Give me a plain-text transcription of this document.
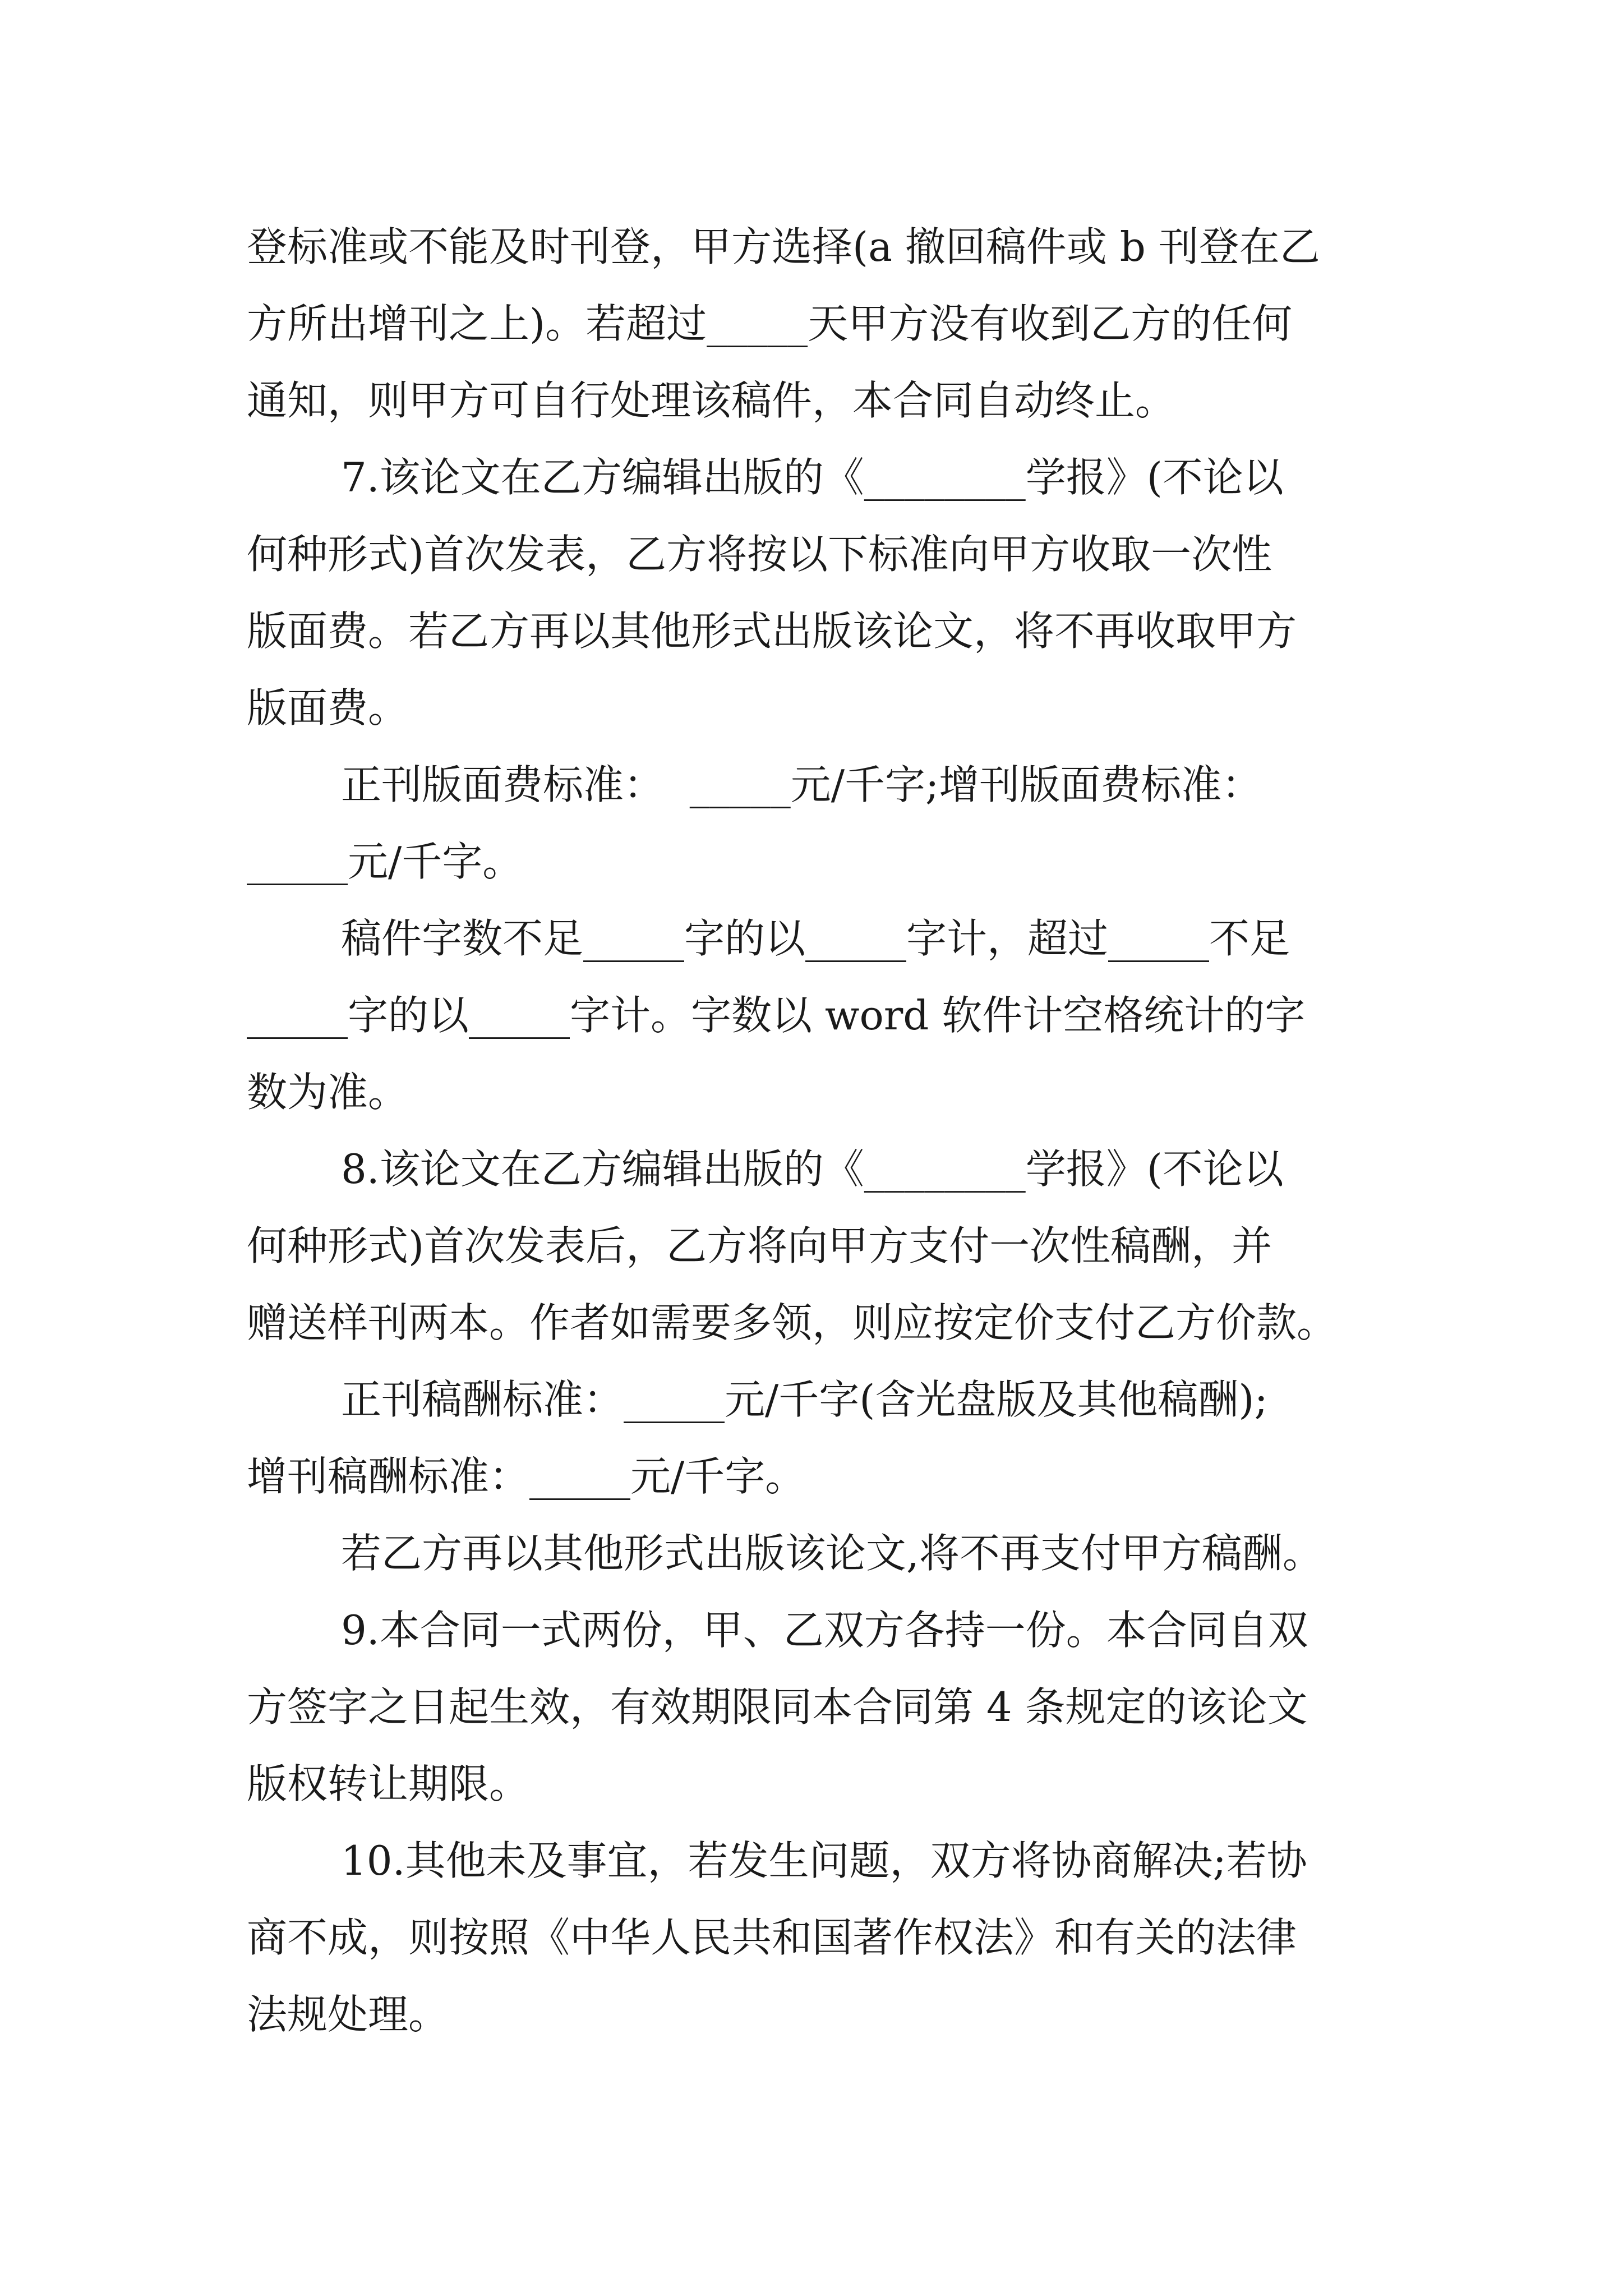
登标准或不能及时刊登，甲方选择(a 撤回稿件或 b 刊登在乙
方所出增刊之上)。若超过_____天甲方没有收到乙方的任何
通知，则甲方可自行处理该稿件，本合同自动终止。
7.该论文在乙方编辑出版的《________学报》(不论以
何种形式)首次发表，乙方将按以下标准向甲方收取一次性
版面费。若乙方再以其他形式出版该论文，将不再收取甲方
版面费。
正刊版面费标准：  _____元/千字;增刊版面费标准：
_____元/千字。
稿件字数不足_____字的以_____字计，超过_____不足
_____字的以_____字计。字数以 word 软件计空格统计的字
数为准。
8.该论文在乙方编辑出版的《________学报》(不论以
何种形式)首次发表后，乙方将向甲方支付一次性稿酬，并
赠送样刊两本。作者如需要多领，则应按定价支付乙方价款。
正刊稿酬标准：_____元/千字(含光盘版及其他稿酬);
增刊稿酬标准：_____元/千字。
若乙方再以其他形式出版该论文,将不再支付甲方稿酬。
9.本合同一式两份，甲、乙双方各持一份。本合同自双
方签字之日起生效，有效期限同本合同第 4 条规定的该论文
版权转让期限。
10.其他未及事宜，若发生问题，双方将协商解决;若协
商不成，则按照《中华人民共和国著作权法》和有关的法律
法规处理。
